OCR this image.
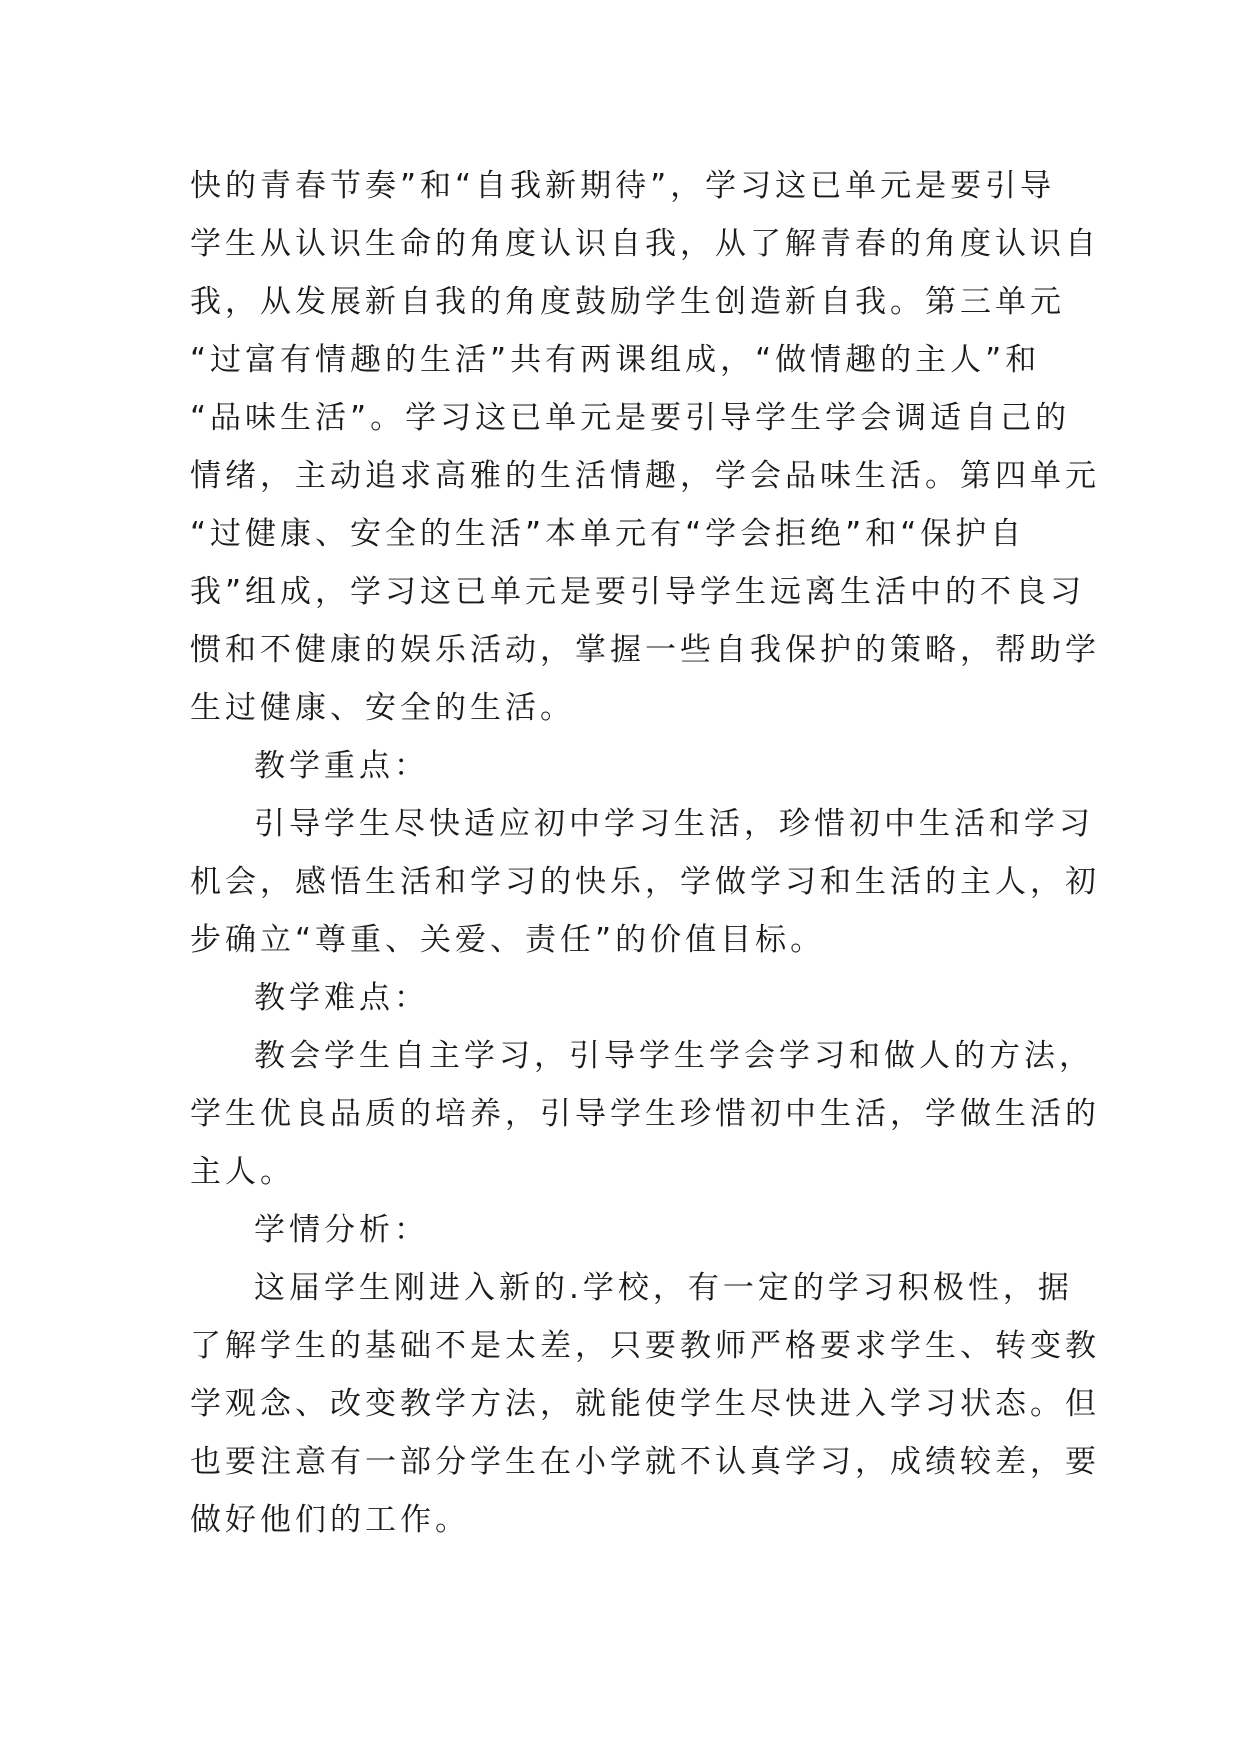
快的青春节奏”和“自我新期待”，学习这已单元是要引导
学生从认识生命的角度认识自我，从了解青春的角度认识自
我，从发展新自我的角度鼓励学生创造新自我。第三单元
“过富有情趣的生活”共有两课组成，“做情趣的主人”和
“品味生活”。学习这已单元是要引导学生学会调适自己的
情绪，主动追求高雅的生活情趣，学会品味生活。第四单元
“过健康、安全的生活”本单元有“学会拒绝”和“保护自
我”组成，学习这已单元是要引导学生远离生活中的不良习
惯和不健康的娱乐活动，掌握一些自我保护的策略，帮助学
生过健康、安全的生活。
教学重点：
引导学生尽快适应初中学习生活，珍惜初中生活和学习
机会，感悟生活和学习的快乐，学做学习和生活的主人，初
步确立“尊重、关爱、责任”的价值目标。
教学难点：
教会学生自主学习，引导学生学会学习和做人的方法，
学生优良品质的培养，引导学生珍惜初中生活，学做生活的
主人。
学情分析：
这届学生刚进入新的.学校，有一定的学习积极性，据
了解学生的基础不是太差，只要教师严格要求学生、转变教
学观念、改变教学方法，就能使学生尽快进入学习状态。但
也要注意有一部分学生在小学就不认真学习，成绩较差，要
做好他们的工作。
